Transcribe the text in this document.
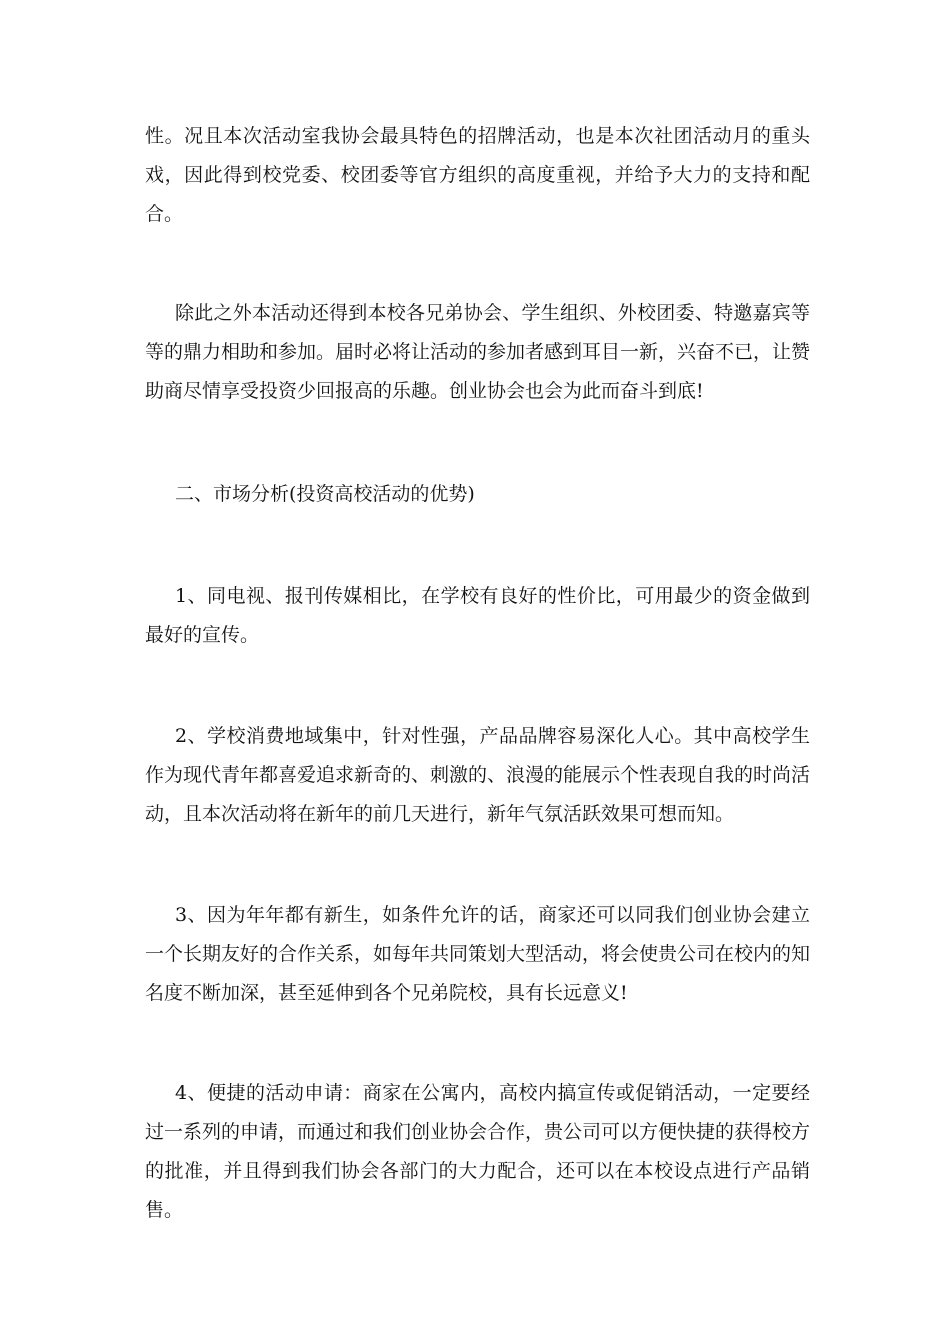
性。况且本次活动室我协会最具特色的招牌活动，也是本次社团活动月的重头戏，因此得到校党委、校团委等官方组织的高度重视，并给予大力的支持和配合。

除此之外本活动还得到本校各兄弟协会、学生组织、外校团委、特邀嘉宾等等的鼎力相助和参加。届时必将让活动的参加者感到耳目一新，兴奋不已，让赞助商尽情享受投资少回报高的乐趣。创业协会也会为此而奋斗到底!

二、市场分析(投资高校活动的优势)

1、同电视、报刊传媒相比，在学校有良好的性价比，可用最少的资金做到最好的宣传。

2、学校消费地域集中，针对性强，产品品牌容易深化人心。其中高校学生作为现代青年都喜爱追求新奇的、刺激的、浪漫的能展示个性表现自我的时尚活动，且本次活动将在新年的前几天进行，新年气氛活跃效果可想而知。

3、因为年年都有新生，如条件允许的话，商家还可以同我们创业协会建立一个长期友好的合作关系，如每年共同策划大型活动，将会使贵公司在校内的知名度不断加深，甚至延伸到各个兄弟院校，具有长远意义!

4、便捷的活动申请：商家在公寓内，高校内搞宣传或促销活动，一定要经过一系列的申请，而通过和我们创业协会合作，贵公司可以方便快捷的获得校方的批准，并且得到我们协会各部门的大力配合，还可以在本校设点进行产品销售。
